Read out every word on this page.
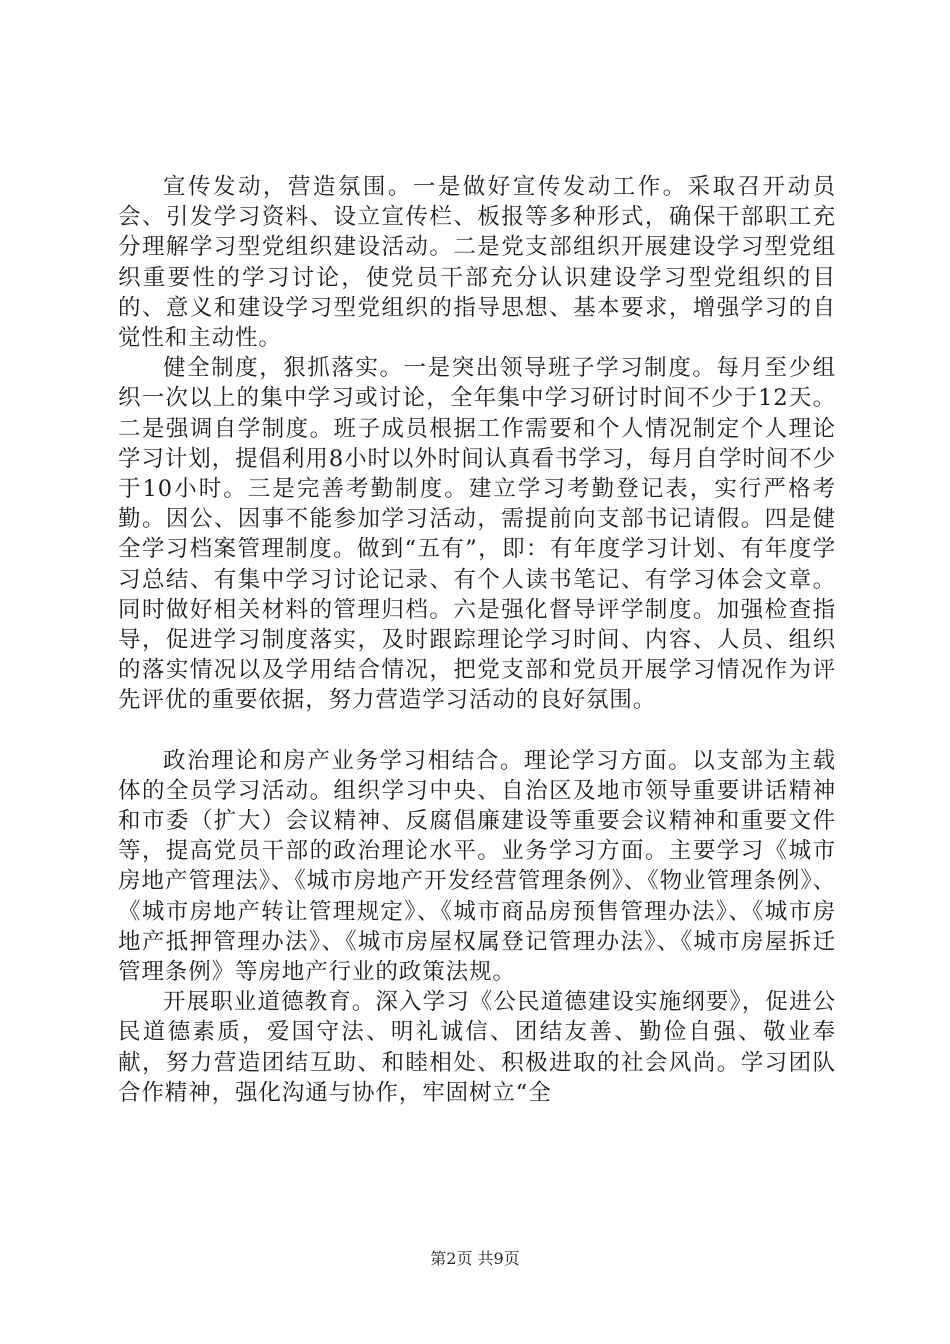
宣传发动，营造氛围。一是做好宣传发动工作。采取召开动员会、引发学习资料、设立宣传栏、板报等多种形式，确保干部职工充分理解学习型党组织建设活动。二是党支部组织开展建设学习型党组织重要性的学习讨论，使党员干部充分认识建设学习型党组织的目的、意义和建设学习型党组织的指导思想、基本要求，增强学习的自觉性和主动性。

健全制度，狠抓落实。一是突出领导班子学习制度。每月至少组织一次以上的集中学习或讨论，全年集中学习研讨时间不少于12天。二是强调自学制度。班子成员根据工作需要和个人情况制定个人理论学习计划，提倡利用8小时以外时间认真看书学习，每月自学时间不少于10小时。三是完善考勤制度。建立学习考勤登记表，实行严格考勤。因公、因事不能参加学习活动，需提前向支部书记请假。四是健全学习档案管理制度。做到“五有”，即：有年度学习计划、有年度学习总结、有集中学习讨论记录、有个人读书笔记、有学习体会文章。同时做好相关材料的管理归档。六是强化督导评学制度。加强检查指导，促进学习制度落实，及时跟踪理论学习时间、内容、人员、组织的落实情况以及学用结合情况，把党支部和党员开展学习情况作为评先评优的重要依据，努力营造学习活动的良好氛围。

政治理论和房产业务学习相结合。理论学习方面。以支部为主载体的全员学习活动。组织学习中央、自治区及地市领导重要讲话精神和市委（扩大）会议精神、反腐倡廉建设等重要会议精神和重要文件等，提高党员干部的政治理论水平。业务学习方面。主要学习《城市房地产管理法》、《城市房地产开发经营管理条例》、《物业管理条例》、《城市房地产转让管理规定》、《城市商品房预售管理办法》、《城市房地产抵押管理办法》、《城市房屋权属登记管理办法》、《城市房屋拆迁管理条例》等房地产行业的政策法规。

开展职业道德教育。深入学习《公民道德建设实施纲要》，促进公民道德素质，爱国守法、明礼诚信、团结友善、勤俭自强、敬业奉献，努力营造团结互助、和睦相处、积极进取的社会风尚。学习团队合作精神，强化沟通与协作，牢固树立“全

第2页 共9页
